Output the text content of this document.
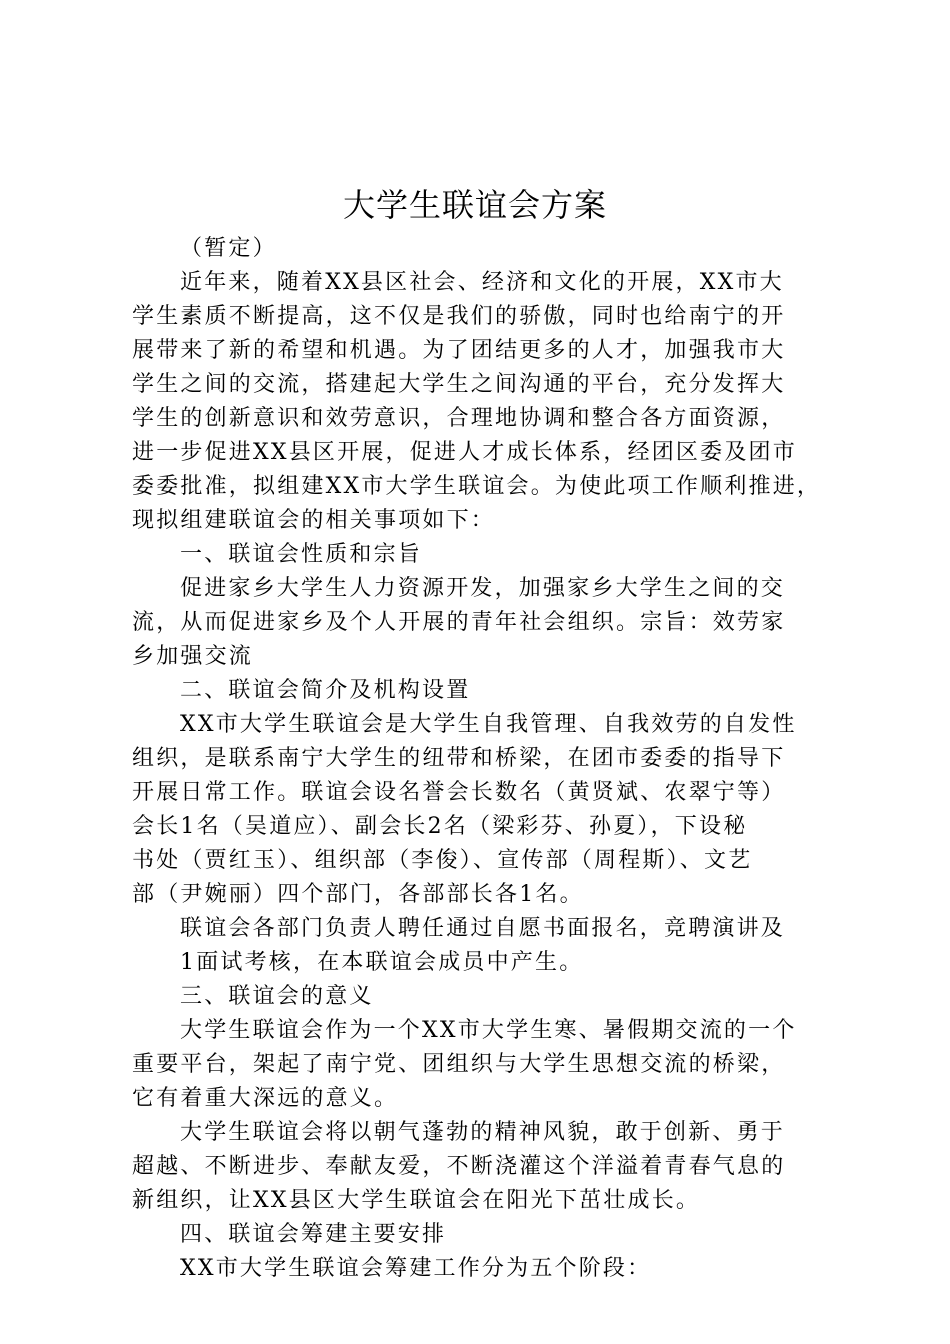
大学生联谊会方案
（暂定）
近年来，随着XX县区社会、经济和文化的开展，XX市大
学生素质不断提高，这不仅是我们的骄傲，同时也给南宁的开
展带来了新的希望和机遇。为了团结更多的人才，加强我市大
学生之间的交流，搭建起大学生之间沟通的平台，充分发挥大
学生的创新意识和效劳意识，合理地协调和整合各方面资源，
进一步促进XX县区开展，促进人才成长体系，经团区委及团市
委委批准，拟组建XX市大学生联谊会。为使此项工作顺利推进，
现拟组建联谊会的相关事项如下：
一、联谊会性质和宗旨
促进家乡大学生人力资源开发，加强家乡大学生之间的交
流，从而促进家乡及个人开展的青年社会组织。宗旨：效劳家
乡加强交流
二、联谊会简介及机构设置
XX市大学生联谊会是大学生自我管理、自我效劳的自发性
组织，是联系南宁大学生的纽带和桥梁，在团市委委的指导下
开展日常工作。联谊会设名誉会长数名（黄贤斌、农翠宁等）
会长1名（吴道应）、副会长2名（梁彩芬、孙夏），下设秘
书处（贾红玉）、组织部（李俊）、宣传部（周程斯）、文艺
部（尹婉丽）四个部门，各部部长各1名。
联谊会各部门负责人聘任通过自愿书面报名，竞聘演讲及
1面试考核，在本联谊会成员中产生。
三、联谊会的意义
大学生联谊会作为一个XX市大学生寒、暑假期交流的一个
重要平台，架起了南宁党、团组织与大学生思想交流的桥梁，
它有着重大深远的意义。
大学生联谊会将以朝气蓬勃的精神风貌，敢于创新、勇于
超越、不断进步、奉献友爱，不断浇灌这个洋溢着青春气息的
新组织，让XX县区大学生联谊会在阳光下茁壮成长。
四、联谊会筹建主要安排
XX市大学生联谊会筹建工作分为五个阶段：
